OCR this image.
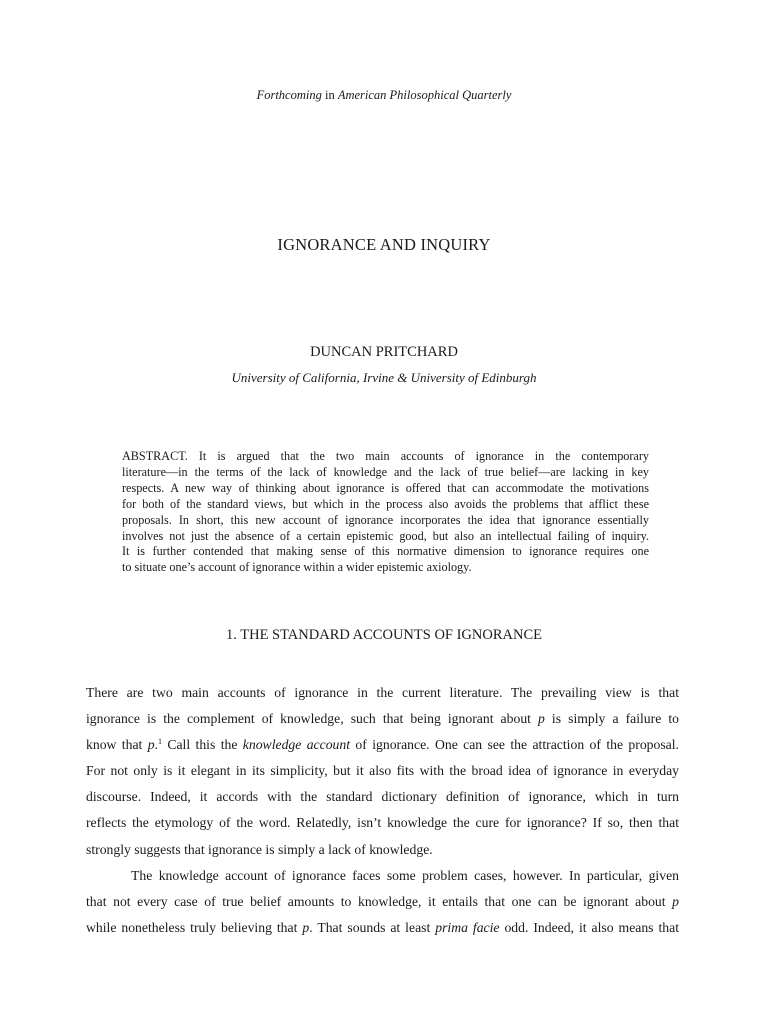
Forthcoming in American Philosophical Quarterly
IGNORANCE AND INQUIRY
DUNCAN PRITCHARD
University of California, Irvine & University of Edinburgh
ABSTRACT. It is argued that the two main accounts of ignorance in the contemporary
literature—in the terms of the lack of knowledge and the lack of true belief—are lacking in key
respects. A new way of thinking about ignorance is offered that can accommodate the motivations
for both of the standard views, but which in the process also avoids the problems that afflict these
proposals. In short, this new account of ignorance incorporates the idea that ignorance essentially
involves not just the absence of a certain epistemic good, but also an intellectual failing of inquiry.
It is further contended that making sense of this normative dimension to ignorance requires one
to situate one’s account of ignorance within a wider epistemic axiology.
1. THE STANDARD ACCOUNTS OF IGNORANCE
There are two main accounts of ignorance in the current literature. The prevailing view is that
ignorance is the complement of knowledge, such that being ignorant about p is simply a failure to
know that p.$^1$ Call this the knowledge account of ignorance. One can see the attraction of the proposal.
For not only is it elegant in its simplicity, but it also fits with the broad idea of ignorance in everyday
discourse. Indeed, it accords with the standard dictionary definition of ignorance, which in turn
reflects the etymology of the word. Relatedly, isn’t knowledge the cure for ignorance? If so, then that
strongly suggests that ignorance is simply a lack of knowledge.
The knowledge account of ignorance faces some problem cases, however. In particular, given
that not every case of true belief amounts to knowledge, it entails that one can be ignorant about p
while nonetheless truly believing that p. That sounds at least prima facie odd. Indeed, it also means that
